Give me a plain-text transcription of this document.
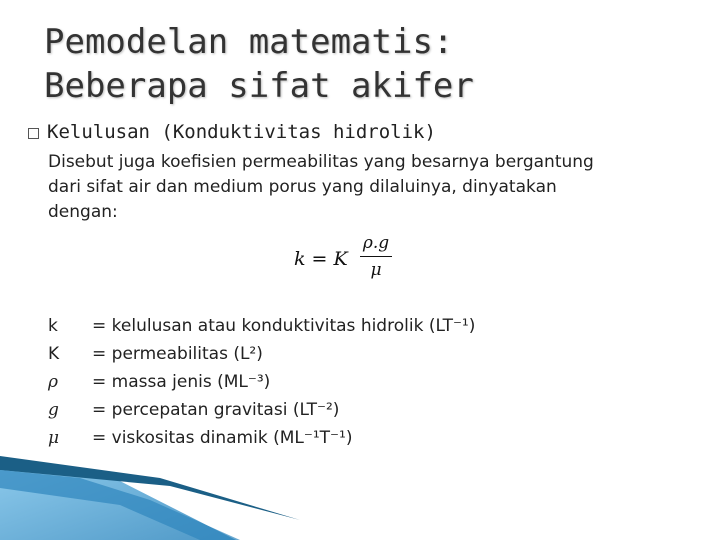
Pemodelan matematis:
Beberapa sifat akifer
Kelulusan (Konduktivitas hidrolik)
Disebut juga koefisien permeabilitas yang besarnya bergantung
dari sifat air dan medium porus yang dilaluinya, dinyatakan
dengan:
k = K
ρ.g
μ
k	= kelulusan atau konduktivitas hidrolik (LT⁻¹)
K	= permeabilitas (L²)
ρ	= massa jenis (ML⁻³)
g	= percepatan gravitasi (LT⁻²)
μ	= viskositas dinamik (ML⁻¹T⁻¹)
